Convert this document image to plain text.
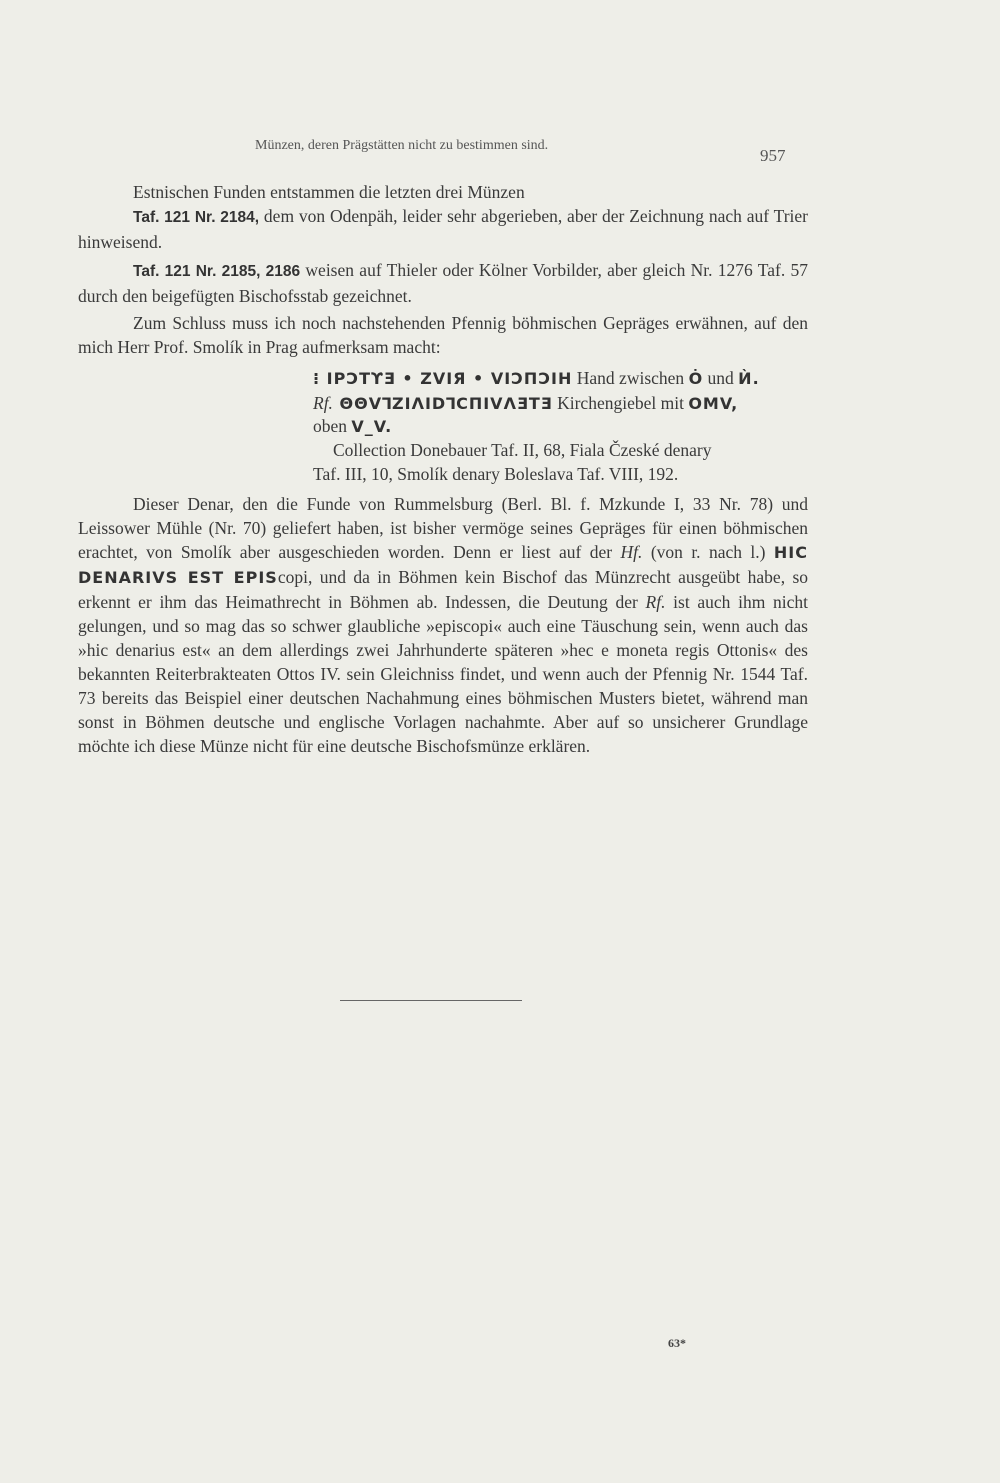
Münzen, deren Prägstätten nicht zu bestimmen sind.
957

Estnischen Funden entstammen die letzten drei Münzen

Taf. 121 Nr. 2184, dem von Odenpäh, leider sehr abgerieben, aber der Zeichnung nach auf Trier hinweisend.

Taf. 121 Nr. 2185, 2186 weisen auf Thieler oder Kölner Vorbilder, aber gleich Nr. 1276 Taf. 57 durch den beigefügten Bischofsstab gezeichnet.

Zum Schluss muss ich noch nachstehenden Pfennig böhmischen Gepräges erwähnen, auf den mich Herr Prof. Smolík in Prag aufmerksam macht:

⁝ IPƆTϒƎ • ZVIЯ • VIƆΠƆIH Hand zwischen Ȯ und Ѝ.
Rf. ΘΘVꓶZIΛIDꓶCΠIVΛƎTƎ Kirchengiebel mit OMV,
oben V_V.
Collection Donebauer Taf. II, 68, Fiala Čzeské denary
Taf. III, 10, Smolík denary Boleslava Taf. VIII, 192.

Dieser Denar, den die Funde von Rummelsburg (Berl. Bl. f. Mzkunde I, 33 Nr. 78) und Leissower Mühle (Nr. 70) geliefert haben, ist bisher vermöge seines Gepräges für einen böhmischen erachtet, von Smolík aber ausgeschieden worden. Denn er liest auf der Hf. (von r. nach l.) HIC DENARIVS EST EPIScopi, und da in Böhmen kein Bischof das Münzrecht ausgeübt habe, so erkennt er ihm das Heimathrecht in Böhmen ab. Indessen, die Deutung der Rf. ist auch ihm nicht gelungen, und so mag das so schwer glaubliche »episcopi« auch eine Täuschung sein, wenn auch das »hic denarius est« an dem allerdings zwei Jahrhunderte späteren »hec e moneta regis Ottonis« des bekannten Reiterbrakteaten Ottos IV. sein Gleichniss findet, und wenn auch der Pfennig Nr. 1544 Taf. 73 bereits das Beispiel einer deutschen Nachahmung eines böhmischen Musters bietet, während man sonst in Böhmen deutsche und englische Vorlagen nachahmte. Aber auf so unsicherer Grundlage möchte ich diese Münze nicht für eine deutsche Bischofsmünze erklären.

63*
